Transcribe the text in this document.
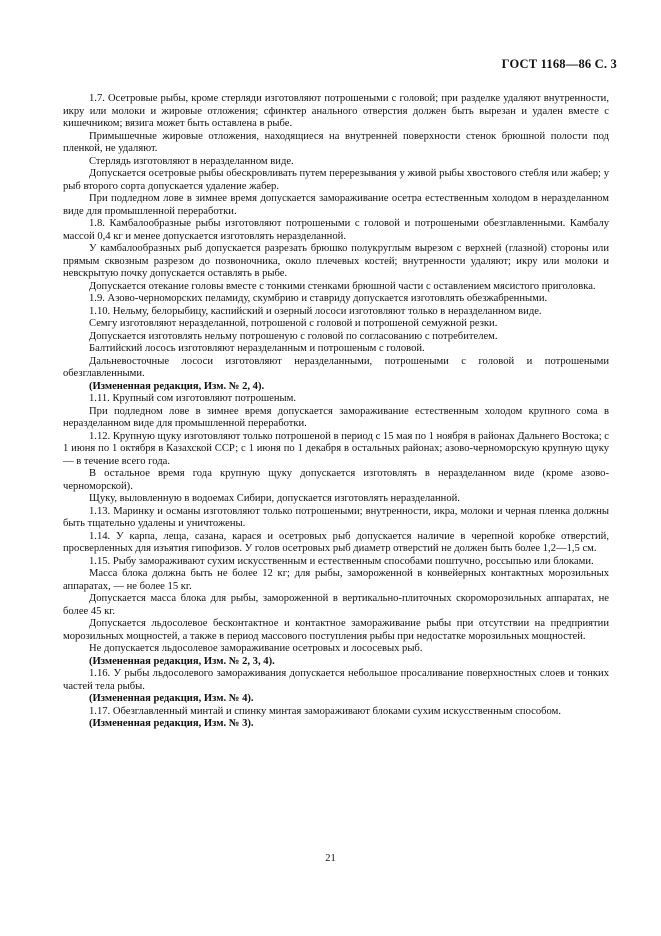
ГОСТ 1168—86 С. 3

1.7. Осетровые рыбы, кроме стерляди изготовляют потрошеными с головой; при разделке удаляют внутренности, икру или молоки и жировые отложения; сфинктер анального отверстия должен быть вырезан и удален вместе с кишечником; вязига может быть оставлена в рыбе.

Примышечные жировые отложения, находящиеся на внутренней поверхности стенок брюшной полости под пленкой, не удаляют.

Стерлядь изготовляют в неразделанном виде.

Допускается осетровые рыбы обескровливать путем перерезывания у живой рыбы хвостового стебля или жабер; у рыб второго сорта допускается удаление жабер.

При подледном лове в зимнее время допускается замораживание осетра естественным холодом в неразделанном виде для промышленной переработки.

1.8. Камбалообразные рыбы изготовляют потрошеными с головой и потрошеными обезглавленными. Камбалу массой 0,4 кг и менее допускается изготовлять неразделанной.

У камбалообразных рыб допускается разрезать брюшко полукруглым вырезом с верхней (глазной) стороны или прямым сквозным разрезом до позвоночника, около плечевых костей; внутренности удаляют; икру или молоки и невскрытую почку допускается оставлять в рыбе.

Допускается отекание головы вместе с тонкими стенками брюшной части с оставлением мясистого приголовка.

1.9. Азово-черноморских пеламиду, скумбрию и ставриду допускается изготовлять обезжабренными.

1.10. Нельму, белорыбицу, каспийский и озерный лососи изготовляют только в неразделанном виде.

Семгу изготовляют неразделанной, потрошеной с головой и потрошеной семужной резки.

Допускается изготовлять нельму потрошеную с головой по согласованию с потребителем.

Балтийский лосось изготовляют неразделанным и потрошеным с головой.

Дальневосточные лососи изготовляют неразделанными, потрошеными с головой и потрошеными обезглавленными.

(Измененная редакция, Изм. № 2, 4).

1.11. Крупный сом изготовляют потрошеным.

При подледном лове в зимнее время допускается замораживание естественным холодом крупного сома в неразделанном виде для промышленной переработки.

1.12. Крупную щуку изготовляют только потрошеной в период с 15 мая по 1 ноября в районах Дальнего Востока; с 1 июня по 1 октября в Казахской ССР; с 1 июня по 1 декабря в остальных районах; азово-черноморскую крупную щуку — в течение всего года.

В остальное время года крупную щуку допускается изготовлять в неразделанном виде (кроме азово-черноморской).

Щуку, выловленную в водоемах Сибири, допускается изготовлять неразделанной.

1.13. Маринку и османы изготовляют только потрошеными; внутренности, икра, молоки и черная пленка должны быть тщательно удалены и уничтожены.

1.14. У карпа, леща, сазана, карася и осетровых рыб допускается наличие в черепной коробке отверстий, просверленных для изъятия гипофизов. У голов осетровых рыб диаметр отверстий не должен быть более 1,2—1,5 см.

1.15. Рыбу замораживают сухим искусственным и естественным способами поштучно, россыпью или блоками.

Масса блока должна быть не более 12 кг; для рыбы, замороженной в конвейерных контактных морозильных аппаратах, — не более 15 кг.

Допускается масса блока для рыбы, замороженной в вертикально-плиточных скороморозильных аппаратах, не более 45 кг.

Допускается льдосолевое бесконтактное и контактное замораживание рыбы при отсутствии на предприятии морозильных мощностей, а также в период массового поступления рыбы при недостатке морозильных мощностей.

Не допускается льдосолевое замораживание осетровых и лососевых рыб.

(Измененная редакция, Изм. № 2, 3, 4).

1.16. У рыбы льдосолевого замораживания допускается небольшое просаливание поверхностных слоев и тонких частей тела рыбы.

(Измененная редакция, Изм. № 4).

1.17. Обезглавленный минтай и спинку минтая замораживают блоками сухим искусственным способом.

(Измененная редакция, Изм. № 3).

21
